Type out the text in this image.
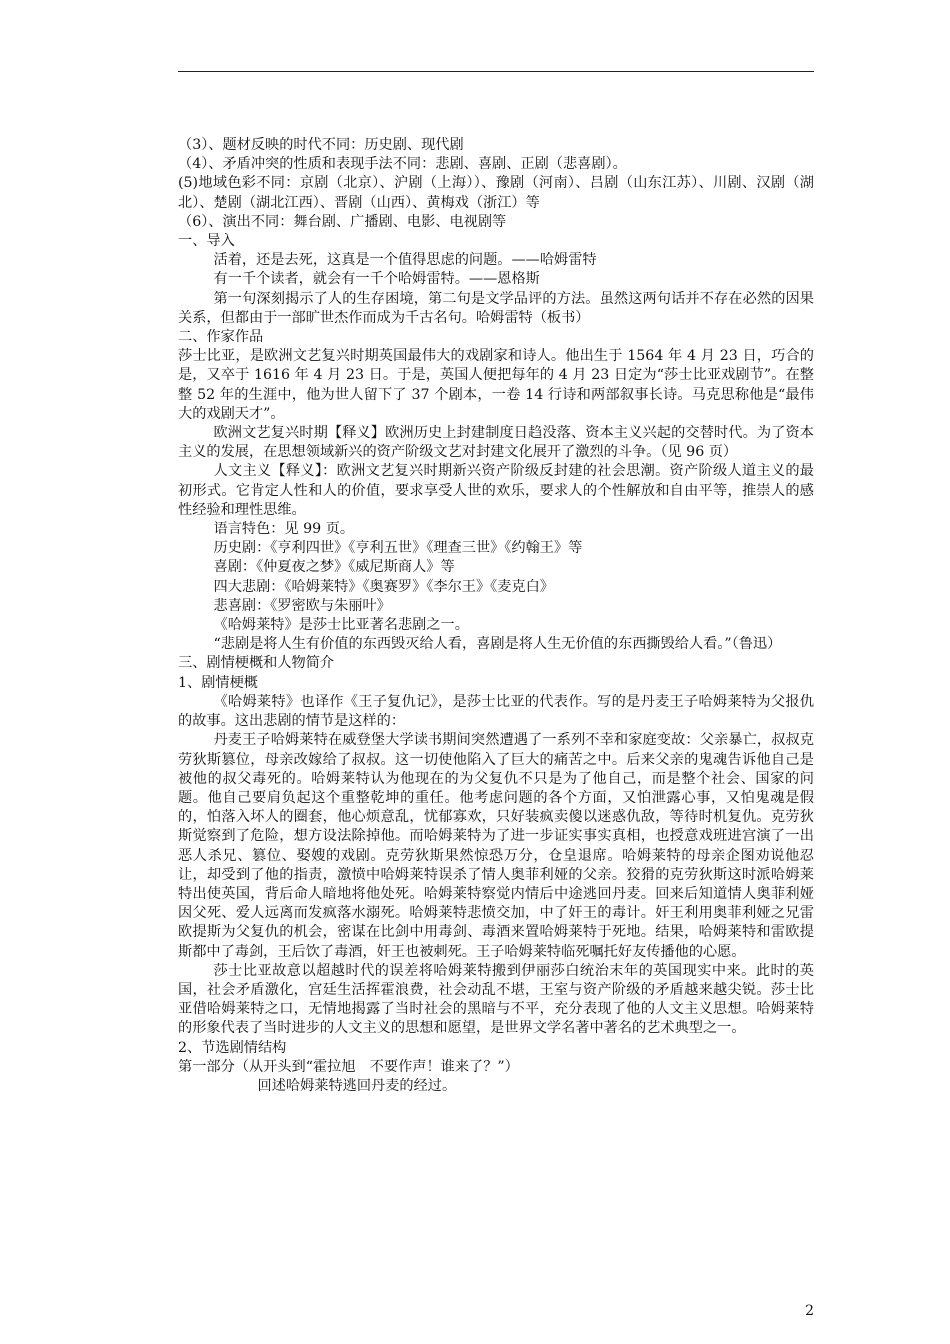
（3）、题材反映的时代不同：历史剧、现代剧

（4）、矛盾冲突的性质和表现手法不同：悲剧、喜剧、正剧（悲喜剧）。

(5)地域色彩不同：京剧（北京）、沪剧（上海））、豫剧（河南）、吕剧（山东江苏）、川剧、汉剧（湖北）、楚剧（湖北江西）、晋剧（山西）、黄梅戏（浙江）等

（6）、演出不同：舞台剧、广播剧、电影、电视剧等

一、导入

活着，还是去死，这真是一个值得思虑的问题。——哈姆雷特

有一千个读者，就会有一千个哈姆雷特。——恩格斯

第一句深刻揭示了人的生存困境，第二句是文学品评的方法。虽然这两句话并不存在必然的因果关系，但都由于一部旷世杰作而成为千古名句。哈姆雷特（板书）

二、作家作品

莎士比亚，是欧洲文艺复兴时期英国最伟大的戏剧家和诗人。他出生于 1564 年 4 月 23 日，巧合的是，又卒于 1616 年 4 月 23 日。于是，英国人便把每年的 4 月 23 日定为“莎士比亚戏剧节”。在整整 52 年的生涯中，他为世人留下了 37 个剧本，一卷 14 行诗和两部叙事长诗。马克思称他是“最伟大的戏剧天才”。

欧洲文艺复兴时期【释义】欧洲历史上封建制度日趋没落、资本主义兴起的交替时代。为了资本主义的发展，在思想领域新兴的资产阶级文艺对封建文化展开了激烈的斗争。（见 96 页）

人文主义【释义】：欧洲文艺复兴时期新兴资产阶级反封建的社会思潮。资产阶级人道主义的最初形式。它肯定人性和人的价值，要求享受人世的欢乐，要求人的个性解放和自由平等，推崇人的感性经验和理性思维。

语言特色：见 99 页。

历史剧：《亨利四世》《亨利五世》《理查三世》《约翰王》等

喜剧：《仲夏夜之梦》《威尼斯商人》等

四大悲剧：《哈姆莱特》《奥赛罗》《李尔王》《麦克白》

悲喜剧：《罗密欧与朱丽叶》

《哈姆莱特》是莎士比亚著名悲剧之一。

“悲剧是将人生有价值的东西毁灭给人看，喜剧是将人生无价值的东西撕毁给人看。”（鲁迅）

三、剧情梗概和人物简介

1、剧情梗概

《哈姆莱特》也译作《王子复仇记》，是莎士比亚的代表作。写的是丹麦王子哈姆莱特为父报仇的故事。这出悲剧的情节是这样的：

丹麦王子哈姆莱特在威登堡大学读书期间突然遭遇了一系列不幸和家庭变故：父亲暴亡，叔叔克劳狄斯篡位，母亲改嫁给了叔叔。这一切使他陷入了巨大的痛苦之中。后来父亲的鬼魂告诉他自己是被他的叔父毒死的。哈姆莱特认为他现在的为父复仇不只是为了他自己，而是整个社会、国家的问题。他自己要肩负起这个重整乾坤的重任。他考虑问题的各个方面，又怕泄露心事，又怕鬼魂是假的，怕落入坏人的圈套，他心烦意乱，忧郁寡欢，只好装疯卖傻以迷惑仇敌，等待时机复仇。克劳狄斯觉察到了危险，想方设法除掉他。而哈姆莱特为了进一步证实事实真相，也授意戏班进宫演了一出恶人杀兄、篡位、娶嫂的戏剧。克劳狄斯果然惊恐万分，仓皇退席。哈姆莱特的母亲企图劝说他忍让，却受到了他的指责，激愤中哈姆莱特误杀了情人奥菲利娅的父亲。狡猾的克劳狄斯这时派哈姆莱特出使英国，背后命人暗地将他处死。哈姆莱特察觉内情后中途逃回丹麦。回来后知道情人奥菲利娅因父死、爱人远离而发疯落水溺死。哈姆莱特悲愤交加，中了奸王的毒计。奸王利用奥菲利娅之兄雷欧提斯为父复仇的机会，密谋在比剑中用毒剑、毒酒来置哈姆莱特于死地。结果，哈姆莱特和雷欧提斯都中了毒剑，王后饮了毒酒，奸王也被刺死。王子哈姆莱特临死嘱托好友传播他的心愿。

莎士比亚故意以超越时代的误差将哈姆莱特搬到伊丽莎白统治末年的英国现实中来。此时的英国，社会矛盾激化，宫廷生活挥霍浪费，社会动乱不堪，王室与资产阶级的矛盾越来越尖锐。莎士比亚借哈姆莱特之口，无情地揭露了当时社会的黑暗与不平，充分表现了他的人文主义思想。哈姆莱特的形象代表了当时进步的人文主义的思想和愿望，是世界文学名著中著名的艺术典型之一。

2、节选剧情结构

第一部分（从开头到“霍拉旭　不要作声！谁来了？”）

回述哈姆莱特逃回丹麦的经过。

2
